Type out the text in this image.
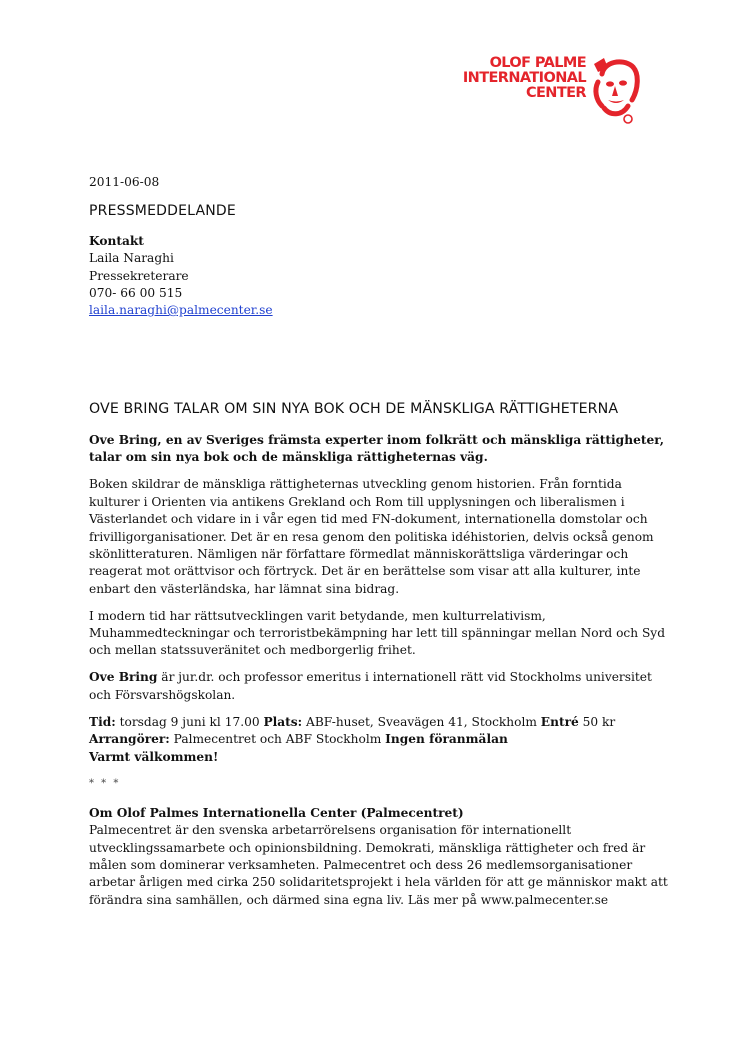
OLOF PALME
INTERNATIONAL
CENTER
2011-06-08
PRESSMEDDELANDE
Kontakt
Laila Naraghi
Pressekreterare
070- 66 00 515
laila.naraghi@palmecenter.se
OVE BRING TALAR OM SIN NYA BOK OCH DE MÄNSKLIGA RÄTTIGHETERNA

Ove Bring, en av Sveriges främsta experter inom folkrätt och mänskliga rättigheter, talar om sin nya bok och de mänskliga rättigheternas väg.

Boken skildrar de mänskliga rättigheternas utveckling genom historien. Från forntida kulturer i Orienten via antikens Grekland och Rom till upplysningen och liberalismen i Västerlandet och vidare in i vår egen tid med FN-dokument, internationella domstolar och frivilligorganisationer. Det är en resa genom den politiska idéhistorien, delvis också genom skönlitteraturen. Nämligen när författare förmedlat människorättsliga värderingar och reagerat mot orättvisor och förtryck. Det är en berättelse som visar att alla kulturer, inte enbart den västerländska, har lämnat sina bidrag.

I modern tid har rättsutvecklingen varit betydande, men kulturrelativism, Muhammedteckningar och terroristbekämpning har lett till spänningar mellan Nord och Syd och mellan statssuveränitet och medborgerlig frihet.

Ove Bring är jur.dr. och professor emeritus i internationell rätt vid Stockholms universitet och Försvarshögskolan.

Tid: torsdag 9 juni kl 17.00 Plats: ABF-huset, Sveavägen 41, Stockholm Entré 50 kr
Arrangörer: Palmecentret och ABF Stockholm Ingen föranmälan
Varmt välkommen!

* * *

Om Olof Palmes Internationella Center (Palmecentret)

Palmecentret är den svenska arbetarrörelsens organisation för internationellt utvecklingssamarbete och opinionsbildning. Demokrati, mänskliga rättigheter och fred är målen som dominerar verksamheten. Palmecentret och dess 26 medlemsorganisationer arbetar årligen med cirka 250 solidaritetsprojekt i hela världen för att ge människor makt att förändra sina samhällen, och därmed sina egna liv. Läs mer på www.palmecenter.se
